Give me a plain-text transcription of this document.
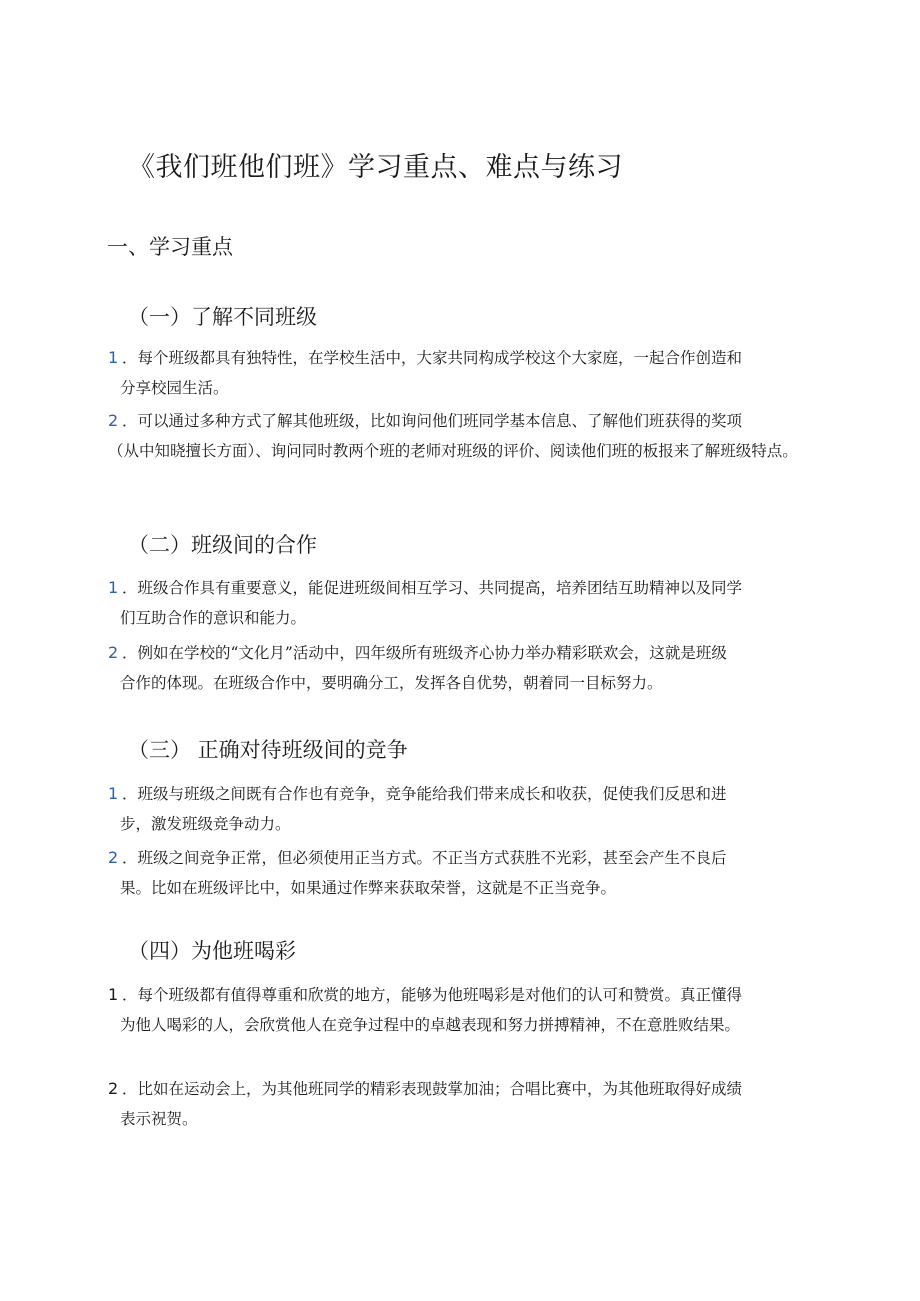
《我们班他们班》学习重点、难点与练习
一、学习重点
（一）了解不同班级

1 ．每个班级都具有独特性，在学校生活中，大家共同构成学校这个大家庭，一起合作创造和
分享校园生活。

2 ．可以通过多种方式了解其他班级，比如询问他们班同学基本信息、了解他们班获得的奖项
（从中知晓擅长方面）、询问同时教两个班的老师对班级的评价、阅读他们班的板报来了解班级特点。

（二）班级间的合作

1 ．班级合作具有重要意义，能促进班级间相互学习、共同提高，培养团结互助精神以及同学
们互助合作的意识和能力。

2 ．例如在学校的“文化月”活动中，四年级所有班级齐心协力举办精彩联欢会，这就是班级
合作的体现。在班级合作中，要明确分工，发挥各自优势，朝着同一目标努力。

（三） 正确对待班级间的竞争

1 ．班级与班级之间既有合作也有竞争，竞争能给我们带来成长和收获，促使我们反思和进
步，激发班级竞争动力。

2 ．班级之间竞争正常，但必须使用正当方式。不正当方式获胜不光彩，甚至会产生不良后
果。比如在班级评比中，如果通过作弊来获取荣誉，这就是不正当竞争。

（四）为他班喝彩

1 ．每个班级都有值得尊重和欣赏的地方，能够为他班喝彩是对他们的认可和赞赏。真正懂得
为他人喝彩的人，会欣赏他人在竞争过程中的卓越表现和努力拼搏精神，不在意胜败结果。

2 ．比如在运动会上，为其他班同学的精彩表现鼓掌加油；合唱比赛中，为其他班取得好成绩
表示祝贺。
